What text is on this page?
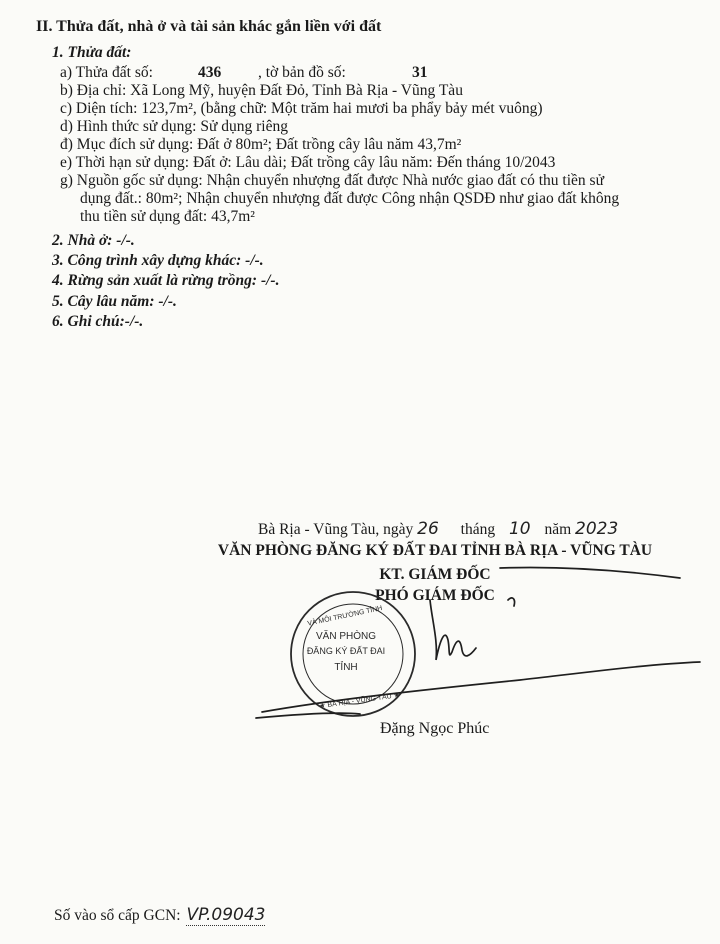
II. Thửa đất, nhà ở và tài sản khác gắn liền với đất
1. Thửa đất:
a) Thửa đất số:	436 , tờ bản đồ số:	31
b) Địa chỉ: Xã Long Mỹ, huyện Đất Đỏ, Tỉnh Bà Rịa - Vũng Tàu
c) Diện tích: 123,7m², (bằng chữ: Một trăm hai mươi ba phẩy bảy mét vuông)
d) Hình thức sử dụng: Sử dụng riêng
đ) Mục đích sử dụng: Đất ở 80m²; Đất trồng cây lâu năm 43,7m²
e) Thời hạn sử dụng: Đất ở: Lâu dài; Đất trồng cây lâu năm: Đến tháng 10/2043
g) Nguồn gốc sử dụng: Nhận chuyển nhượng đất được Nhà nước giao đất có thu tiền sử
dụng đất.: 80m²; Nhận chuyển nhượng đất được Công nhận QSDĐ như giao đất không
thu tiền sử dụng đất: 43,7m²
2. Nhà ở: -/-.
3. Công trình xây dựng khác: -/-.
4. Rừng sản xuất là rừng trồng: -/-.
5. Cây lâu năm: -/-.
6. Ghi chú:-/-.
Bà Rịa - Vũng Tàu, ngày 26 tháng 10 năm 2023
VĂN PHÒNG ĐĂNG KÝ ĐẤT ĐAI TỈNH BÀ RỊA - VŨNG TÀU
KT. GIÁM ĐỐC
PHÓ GIÁM ĐỐC
VÀ MÔI TRƯỜNG TỈNH
★ BÀ RỊA - VŨNG TÀU ★
VĂN PHÒNG
ĐĂNG KÝ ĐẤT ĐAI
TỈNH
Đặng Ngọc Phúc
Số vào sổ cấp GCN: VP.09043
